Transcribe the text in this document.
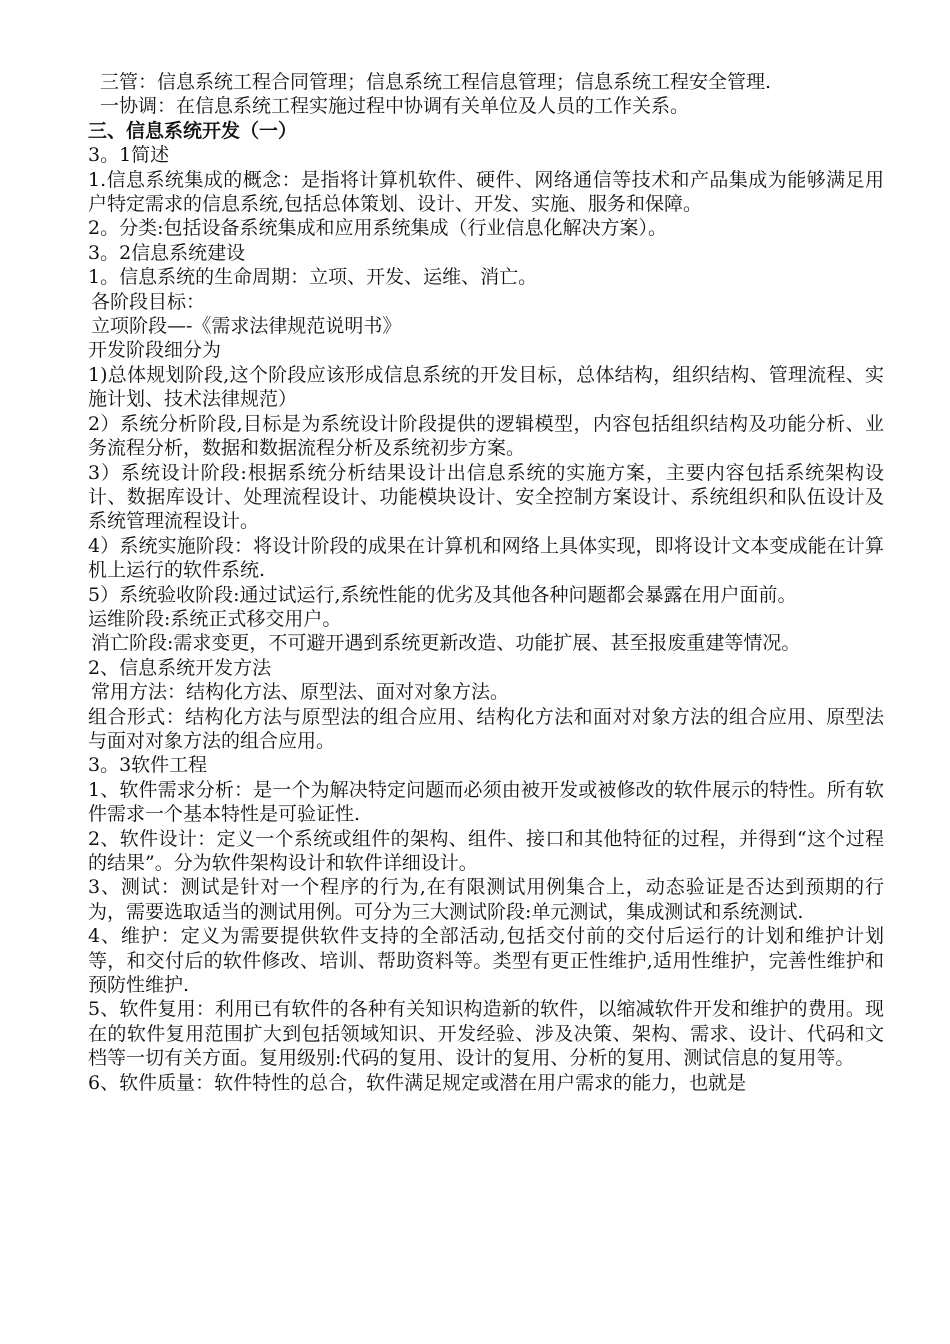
三管：信息系统工程合同管理；信息系统工程信息管理；信息系统工程安全管理.

一协调：在信息系统工程实施过程中协调有关单位及人员的工作关系。

三、信息系统开发（一）

3。1简述

1.信息系统集成的概念：是指将计算机软件、硬件、网络通信等技术和产品集成为能够满足用户特定需求的信息系统,包括总体策划、设计、开发、实施、服务和保障。

2。分类:包括设备系统集成和应用系统集成（行业信息化解决方案）。

3。2信息系统建设

1。信息系统的生命周期：立项、开发、运维、消亡。

各阶段目标：

立项阶段—-《需求法律规范说明书》

开发阶段细分为

1)总体规划阶段,这个阶段应该形成信息系统的开发目标，总体结构，组织结构、管理流程、实施计划、技术法律规范）

2）系统分析阶段,目标是为系统设计阶段提供的逻辑模型，内容包括组织结构及功能分析、业务流程分析，数据和数据流程分析及系统初步方案。

3）系统设计阶段:根据系统分析结果设计出信息系统的实施方案，主要内容包括系统架构设计、数据库设计、处理流程设计、功能模块设计、安全控制方案设计、系统组织和队伍设计及系统管理流程设计。

4）系统实施阶段：将设计阶段的成果在计算机和网络上具体实现，即将设计文本变成能在计算机上运行的软件系统.

5）系统验收阶段:通过试运行,系统性能的优劣及其他各种问题都会暴露在用户面前。

运维阶段:系统正式移交用户。

消亡阶段:需求变更，不可避开遇到系统更新改造、功能扩展、甚至报废重建等情况。

2、信息系统开发方法

常用方法：结构化方法、原型法、面对对象方法。

组合形式：结构化方法与原型法的组合应用、结构化方法和面对对象方法的组合应用、原型法与面对对象方法的组合应用。

3。3软件工程

1、软件需求分析：是一个为解决特定问题而必须由被开发或被修改的软件展示的特性。所有软件需求一个基本特性是可验证性.

2、软件设计：定义一个系统或组件的架构、组件、接口和其他特征的过程，并得到“这个过程的结果”。分为软件架构设计和软件详细设计。

3、测试：测试是针对一个程序的行为,在有限测试用例集合上，动态验证是否达到预期的行为，需要选取适当的测试用例。可分为三大测试阶段:单元测试，集成测试和系统测试.

4、维护：定义为需要提供软件支持的全部活动,包括交付前的交付后运行的计划和维护计划等，和交付后的软件修改、培训、帮助资料等。类型有更正性维护,适用性维护，完善性维护和预防性维护.

5、软件复用：利用已有软件的各种有关知识构造新的软件，以缩减软件开发和维护的费用。现在的软件复用范围扩大到包括领域知识、开发经验、涉及决策、架构、需求、设计、代码和文档等一切有关方面。复用级别:代码的复用、设计的复用、分析的复用、测试信息的复用等。

6、软件质量：软件特性的总合，软件满足规定或潜在用户需求的能力，也就是
